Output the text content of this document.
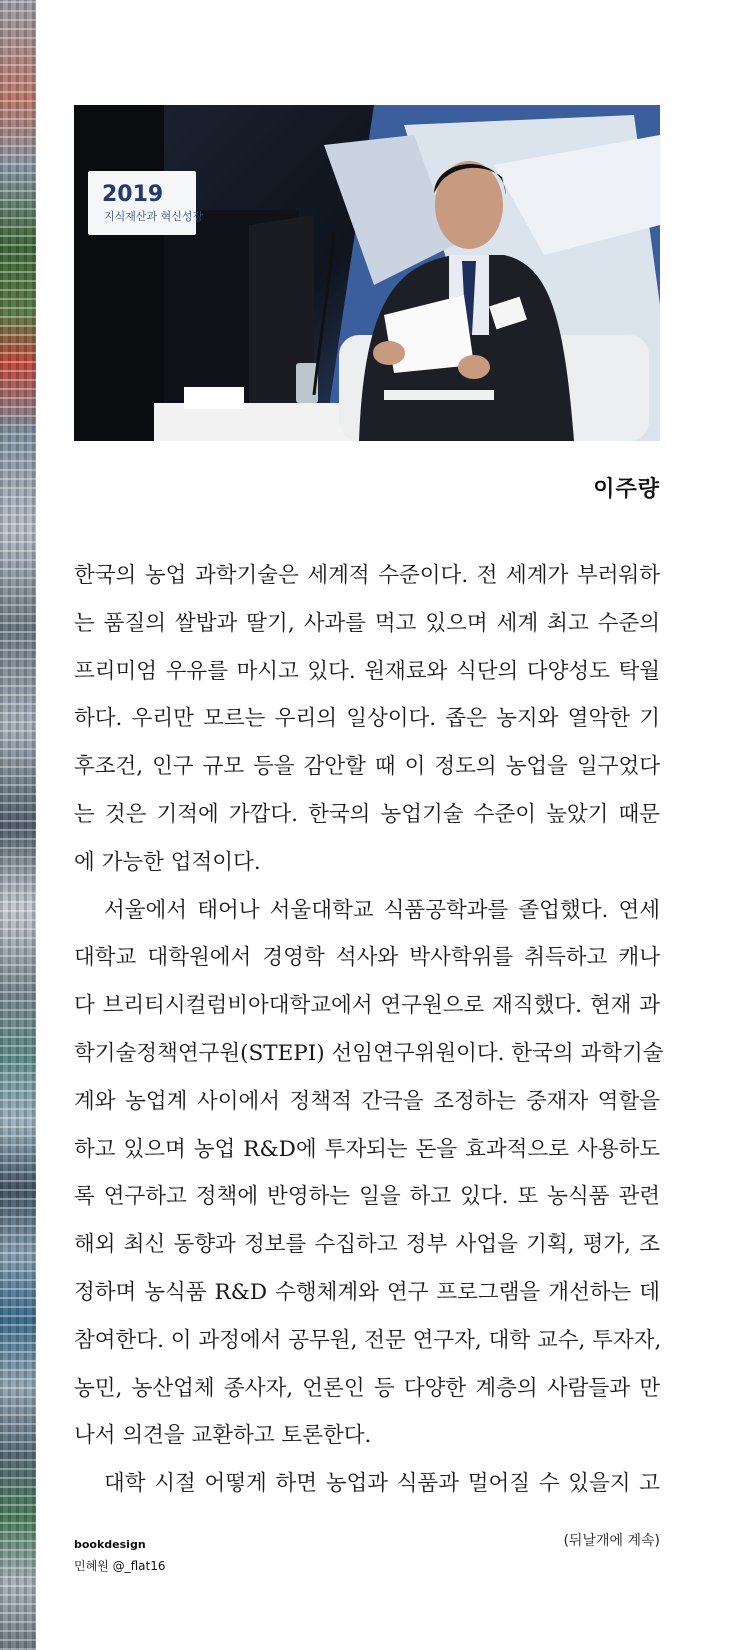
2019
지식재산과 혁신성장
이주량
한국의 농업 과학기술은 세계적 수준이다. 전 세계가 부러워하
는 품질의 쌀밥과 딸기, 사과를 먹고 있으며 세계 최고 수준의
프리미엄 우유를 마시고 있다. 원재료와 식단의 다양성도 탁월
하다. 우리만 모르는 우리의 일상이다. 좁은 농지와 열악한 기
후조건, 인구 규모 등을 감안할 때 이 정도의 농업을 일구었다
는 것은 기적에 가깝다. 한국의 농업기술 수준이 높았기 때문
에 가능한 업적이다.
서울에서 태어나 서울대학교 식품공학과를 졸업했다. 연세
대학교 대학원에서 경영학 석사와 박사학위를 취득하고 캐나
다 브리티시컬럼비아대학교에서 연구원으로 재직했다. 현재 과
학기술정책연구원(STEPI) 선임연구위원이다. 한국의 과학기술
계와 농업계 사이에서 정책적 간극을 조정하는 중재자 역할을
하고 있으며 농업 R&D에 투자되는 돈을 효과적으로 사용하도
록 연구하고 정책에 반영하는 일을 하고 있다. 또 농식품 관련
해외 최신 동향과 정보를 수집하고 정부 사업을 기획, 평가, 조
정하며 농식품 R&D 수행체계와 연구 프로그램을 개선하는 데
참여한다. 이 과정에서 공무원, 전문 연구자, 대학 교수, 투자자,
농민, 농산업체 종사자, 언론인 등 다양한 계층의 사람들과 만
나서 의견을 교환하고 토론한다.
대학 시절 어떻게 하면 농업과 식품과 멀어질 수 있을지 고
(뒤날개에 계속)
bookdesign
민혜원 @_flat16
